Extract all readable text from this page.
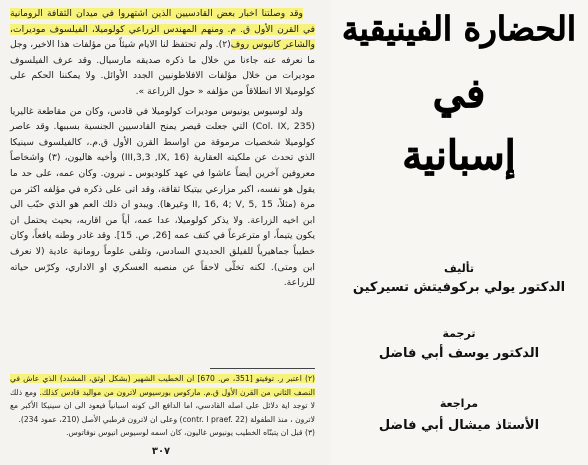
وقد وصلتنا اخبار بعض القادسيين الذين اشتهروا في ميدان الثقافة الرومانية في القرن الأول ق. م. ومنهم المهندس الزراعي كولوميلا، الفيلسوف موديرات، والشاعر كانيوس روف(٢). ولم تحتفظ لنا الايام شيئاً من مؤلفات هذا الاخير، وجل ما نعرفه عنه جاءنا من خلال ما ذكره صديقه مارسيال. وقد عرف الفيلسوف موديرات من خلال مؤلفات الافلاطونيين الجدد الأوائل. ولا يمكننا الحكم على كولوميلا الا انطلاقاً من مؤلفه « حول الزراعة ».

ولد لوسيوس يونيوس موديرات كولوميلا في قادس، وكان من مقاطعة غاليريا (Col. IX, 235) التي جعلت قيصر يمنح القادسيين الجنسية بسببها. وقد عاصر كولوميلا شخصيات مرموقة من اواسط القرن الأول ق.م.، كالفيلسوف سينيكا الذي تحدث عن ملكيته العقارية (III,3,3 ,IX, 16) وأخيه هاليون، (٣) واشخاصاً معروفين آخرين أيضاً عاشوا في عهد كلوديوس ـ نيرون. وكان عمه، على حد ما يقول هو نفسه، اكبر مزارعي بيتيكا ثقافة، وقد اتى على ذكره في مؤلفه اكثر من مرة (مثلاً، II, 16, 4; V, 5, 15 وغيرها). ويبدو ان ذلك العم هو الذي حبّب الى ابن اخيه الزراعة. ولا يذكر كولوميلا، عدا عمه، أياً من اقاربه، بحيث يحتمل ان يكون يتيماً، او مترعرعاً في كنف عمه [26, ص. 15]. وقد غادر وطنه يافعاً، وكان خطيباً جماهيرياً للفيلق الحديدي السادس، وتلقى علوماً رومانية عادية (لا نعرف ابن ومتى). لكنه تخلّى لاحقاً عن منصبه العسكري او الاداري، وكرّس حياته للزراعة.

(٢) اعتبر ر. توفيتو [351، ص. 670] ان الخطيب الشهير (بشكل اوثق، المشدد) الذي عاش في النصف الثاني من القرن الأول ق.م. ماركوس بورسيوس لاترون من مواليد قادس كذلك. ومع ذلك لا توجد اية دلائل على اصله القادسي، اما الدافع الى كونه اسبانياً فيعود الى ان سينيكا الأكبر مع لاترون ، منذ الطفولة (contr. I praef. 22) وعلى ان لاترون قرطبي الأصل (210، عمود 234).

(٣) قبل ان يتبنّاه الخطيب يونيوس غاليون، كان اسمه لوسيوس انيوس نوفاتوس.

٣٠٧
الحضارة الفينيقية
في
إسبانية
تأليف
الدكتور يولي بركوفيتش تسيركين
ترجمة
الدكتور يوسف أبي فاضل
مراجعة
الأستاذ ميشال أبي فاضل
